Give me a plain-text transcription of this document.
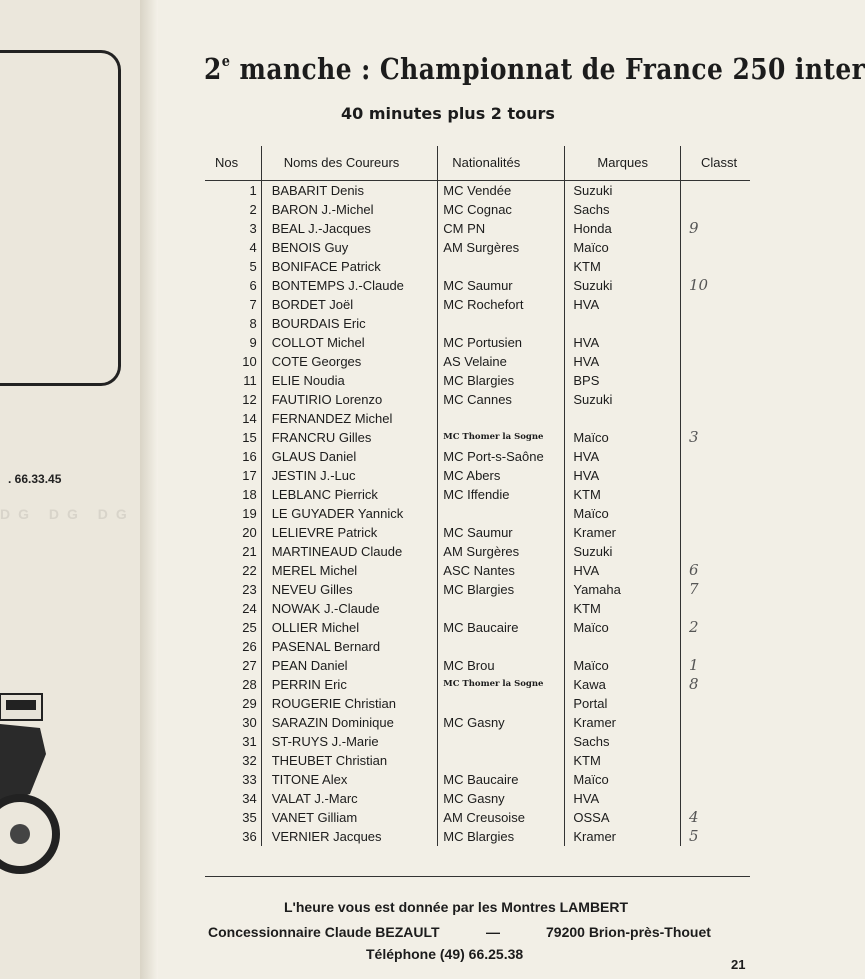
. 66.33.45
DG DG DG
2e manche : Championnat de France 250 inter
40 minutes plus 2 tours
Nos	Noms des Coureurs	Nationalités	Marques	Classt
1	BABARIT Denis	MC Vendée	Suzuki	
2	BARON J.-Michel	MC Cognac	Sachs	
3	BEAL J.-Jacques	CM PN	Honda	9
4	BENOIS Guy	AM Surgères	Maïco	
5	BONIFACE Patrick		KTM	
6	BONTEMPS J.-Claude	MC Saumur	Suzuki	10
7	BORDET Joël	MC Rochefort	HVA	
8	BOURDAIS Eric			
9	COLLOT Michel	MC Portusien	HVA	
10	COTE Georges	AS Velaine	HVA	
11	ELIE Noudia	MC Blargies	BPS	
12	FAUTIRIO Lorenzo	MC Cannes	Suzuki	
14	FERNANDEZ Michel			
15	FRANCRU Gilles	MC Thomer la Sogne	Maïco	3
16	GLAUS Daniel	MC Port-s-Saône	HVA	
17	JESTIN J.-Luc	MC Abers	HVA	
18	LEBLANC Pierrick	MC Iffendie	KTM	
19	LE GUYADER Yannick		Maïco	
20	LELIEVRE Patrick	MC Saumur	Kramer	
21	MARTINEAUD Claude	AM Surgères	Suzuki	
22	MEREL Michel	ASC Nantes	HVA	6
23	NEVEU Gilles	MC Blargies	Yamaha	7
24	NOWAK J.-Claude		KTM	
25	OLLIER Michel	MC Baucaire	Maïco	2
26	PASENAL Bernard			
27	PEAN Daniel	MC Brou	Maïco	1
28	PERRIN Eric	MC Thomer la Sogne	Kawa	8
29	ROUGERIE Christian		Portal	
30	SARAZIN Dominique	MC Gasny	Kramer	
31	ST-RUYS J.-Marie		Sachs	
32	THEUBET Christian		KTM	
33	TITONE Alex	MC Baucaire	Maïco	
34	VALAT J.-Marc	MC Gasny	HVA	
35	VANET Gilliam	AM Creusoise	OSSA	4
36	VERNIER Jacques	MC Blargies	Kramer	5
L'heure vous est donnée par les Montres LAMBERT
Concessionnaire Claude BEZAULT	—	79200 Brion-près-Thouet
Téléphone (49) 66.25.38
21
